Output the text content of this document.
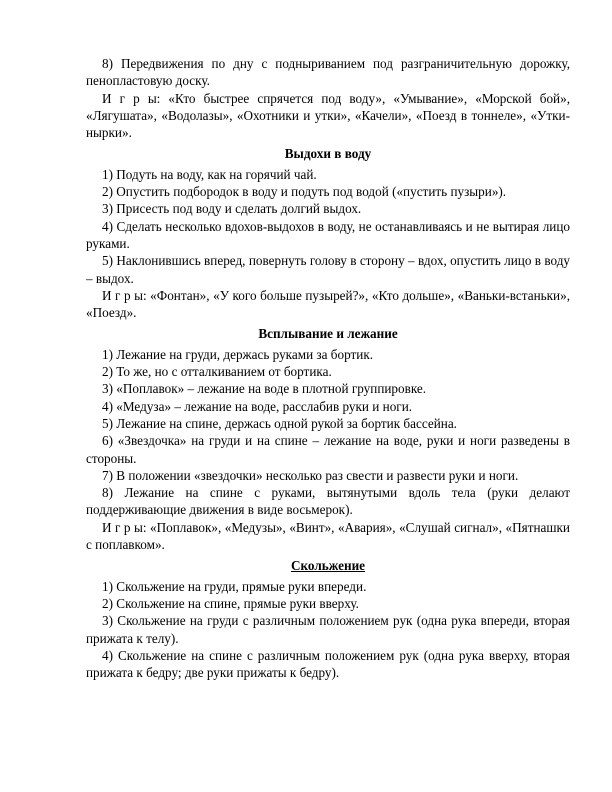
8) Передвижения по дну с подныриванием под разграничительную дорожку, пенопластовую доску.

И г р ы: «Кто быстрее спрячется под воду», «Умывание», «Морской бой», «Лягушата», «Водолазы», «Охотники и утки», «Качели», «Поезд в тоннеле», «Утки-нырки».

Выдохи в воду

1) Подуть на воду, как на горячий чай.

2) Опустить подбородок в воду и подуть под водой («пустить пузыри»).

3) Присесть под воду и сделать долгий выдох.

4) Сделать несколько вдохов-выдохов в воду, не останавливаясь и не вытирая лицо руками.

5) Наклонившись вперед, повернуть голову в сторону – вдох, опустить лицо в воду – выдох.

И г р ы: «Фонтан», «У кого больше пузырей?», «Кто дольше», «Ваньки-встаньки», «Поезд».

Всплывание и лежание

1) Лежание на груди, держась руками за бортик.

2) То же, но с отталкиванием от бортика.

3) «Поплавок» – лежание на воде в плотной группировке.

4) «Медуза» – лежание на воде, расслабив руки и ноги.

5) Лежание на спине, держась одной рукой за бортик бассейна.

6) «Звездочка» на груди и на спине – лежание на воде, руки и ноги разведены в стороны.

7) В положении «звездочки» несколько раз свести и развести руки и ноги.

8) Лежание на спине с руками, вытянутыми вдоль тела (руки делают поддерживающие движения в виде восьмерок).

И г р ы: «Поплавок», «Медузы», «Винт», «Авария», «Слушай сигнал», «Пятнашки с поплавком».

Скольжение

1) Скольжение на груди, прямые руки впереди.

2) Скольжение на спине, прямые руки вверху.

3) Скольжение на груди с различным положением рук (одна рука впереди, вторая прижата к телу).

4) Скольжение на спине с различным положением рук (одна рука вверху, вторая прижата к бедру; две руки прижаты к бедру).
